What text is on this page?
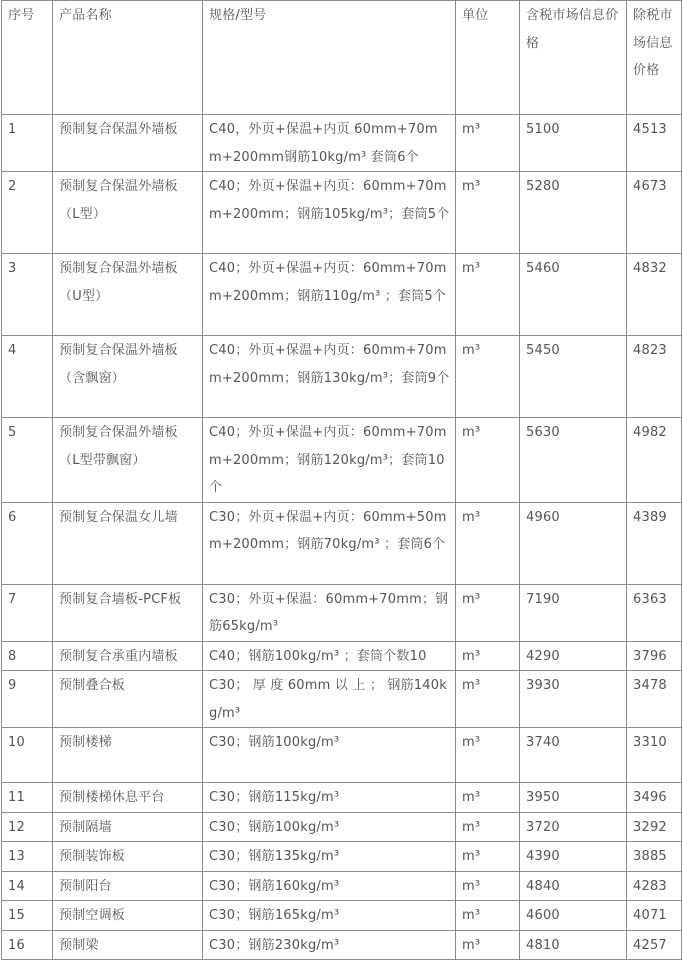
序号	产品名称	规格/型号	单位	含税市场信息价格	除税市场信息价格
1	预制复合保温外墙板	C40，外页+保温+内页 60mm+70mm+200mm钢筋10kg/m³ 套筒6个	m³	5100	4513
2	预制复合保温外墙板（L型）	C40；外页+保温+内页：60mm+70mm+200mm；钢筋105kg/m³；套筒5个	m³	5280	4673
3	预制复合保温外墙板（U型）	C40；外页+保温+内页：60mm+70mm+200mm；钢筋110g/m³ ；套筒5个	m³	5460	4832
4	预制复合保温外墙板（含飘窗）	C40；外页+保温+内页：60mm+70mm+200mm；钢筋130kg/m³；套筒9个	m³	5450	4823
5	预制复合保温外墙板（L型带飘窗）	C40；外页+保温+内页：60mm+70mm+200mm；钢筋120kg/m³；套筒10个	m³	5630	4982
6	预制复合保温女儿墙	C30；外页+保温+内页：60mm+50mm+200mm；钢筋70kg/m³ ；套筒6个	m³	4960	4389
7	预制复合墙板-PCF板	C30；外页+保温：60mm+70mm；钢筋65kg/m³	m³	7190	6363
8	预制复合承重内墙板	C40；钢筋100kg/m³ ；套筒个数10	m³	4290	3796
9	预制叠合板	C30； 厚 度 60mm 以 上 ； 钢筋140kg/m³	m³	3930	3478
10	预制楼梯	C30；钢筋100kg/m³	m³	3740	3310
11	预制楼梯休息平台	C30；钢筋115kg/m³	m³	3950	3496
12	预制隔墙	C30；钢筋100kg/m³	m³	3720	3292
13	预制装饰板	C30；钢筋135kg/m³	m³	4390	3885
14	预制阳台	C30；钢筋160kg/m³	m³	4840	4283
15	预制空调板	C30；钢筋165kg/m³	m³	4600	4071
16	预制梁	C30；钢筋230kg/m³	m³	4810	4257
